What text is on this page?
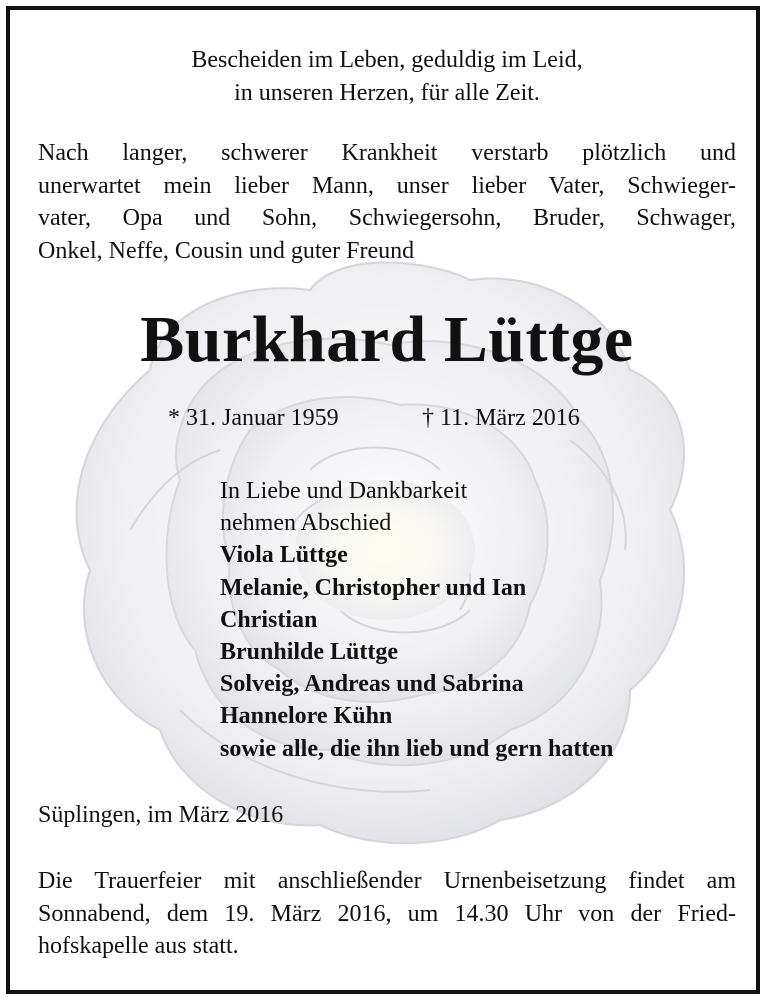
Bescheiden im Leben, geduldig im Leid,
in unseren Herzen, für alle Zeit.
Nach langer, schwerer Krankheit verstarb plötzlich und
unerwartet mein lieber Mann, unser lieber Vater, Schwieger-
vater, Opa und Sohn, Schwiegersohn, Bruder, Schwager,
Onkel, Neffe, Cousin und guter Freund
Burkhard Lüttge
* 31. Januar 1959	† 11. März 2016
In Liebe und Dankbarkeit
nehmen Abschied
Viola Lüttge
Melanie, Christopher und Ian
Christian
Brunhilde Lüttge
Solveig, Andreas und Sabrina
Hannelore Kühn
sowie alle, die ihn lieb und gern hatten
Süplingen, im März 2016
Die Trauerfeier mit anschließender Urnenbeisetzung findet am
Sonnabend, dem 19. März 2016, um 14.30 Uhr von der Fried-
hofskapelle aus statt.
